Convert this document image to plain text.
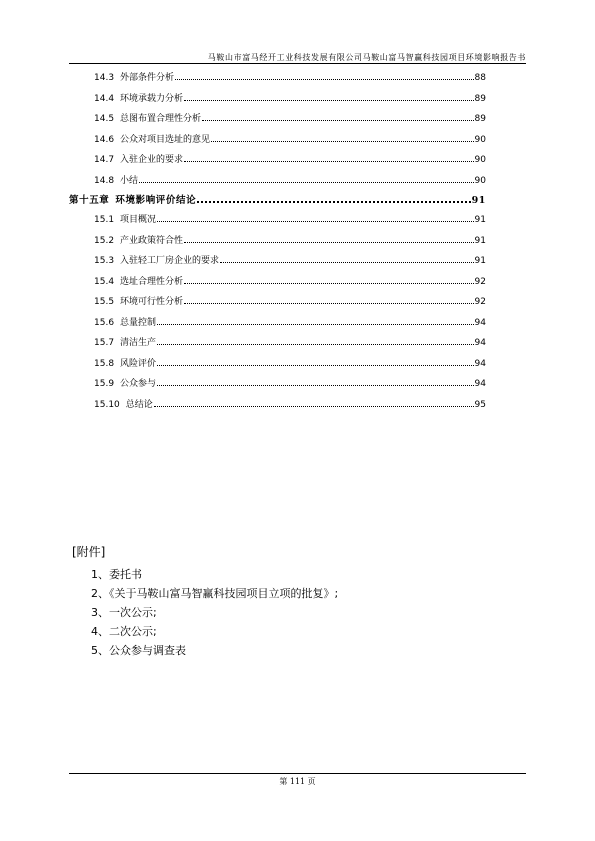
马鞍山市富马经开工业科技发展有限公司马鞍山富马智赢科技园项目环境影响报告书
14.3 外部条件分析	88
14.4 环境承载力分析	89
14.5 总图布置合理性分析	89
14.6 公众对项目选址的意见	90
14.7 入驻企业的要求	90
14.8 小结	90
第十五章 环境影响评价结论	91
15.1 项目概况	91
15.2 产业政策符合性	91
15.3 入驻轻工厂房企业的要求	91
15.4 选址合理性分析	92
15.5 环境可行性分析	92
15.6 总量控制	94
15.7 清洁生产	94
15.8 风险评价	94
15.9 公众参与	94
15.10 总结论	95
[附件]
1、委托书
2、《关于马鞍山富马智赢科技园项目立项的批复》;
3、一次公示;
4、二次公示;
5、公众参与调查表
第 111 页
